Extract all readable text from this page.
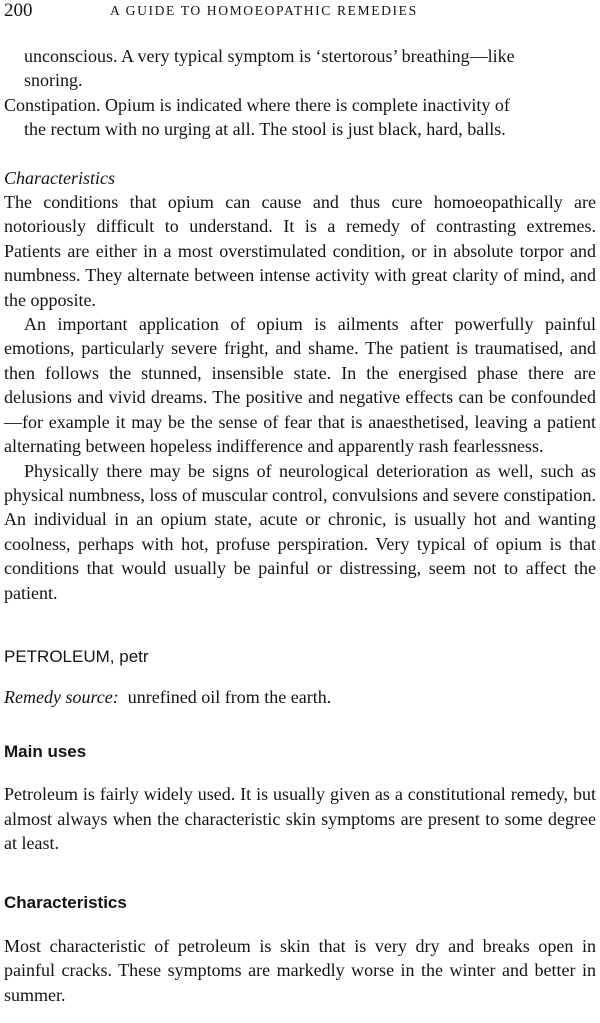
200	A GUIDE TO HOMOEOPATHIC REMEDIES

unconscious. A very typical symptom is ‘stertorous’ breathing—like

snoring.

Constipation. Opium is indicated where there is complete inactivity of

the rectum with no urging at all. The stool is just black, hard, balls.

Characteristics

The conditions that opium can cause and thus cure homoeopathically are notoriously difficult to understand. It is a remedy of contrasting extremes. Patients are either in a most overstimulated condition, or in absolute torpor and numbness. They alternate between intense activity with great clarity of mind, and the opposite.

An important application of opium is ailments after powerfully painful emotions, particularly severe fright, and shame. The patient is traumatised, and then follows the stunned, insensible state. In the energised phase there are delusions and vivid dreams. The positive and negative effects can be confounded—for example it may be the sense of fear that is anaesthetised, leaving a patient alternating between hopeless indifference and apparently rash fearlessness.

Physically there may be signs of neurological deterioration as well, such as physical numbness, loss of muscular control, convulsions and severe constipation. An individual in an opium state, acute or chronic, is usually hot and wanting coolness, perhaps with hot, profuse perspiration. Very typical of opium is that conditions that would usually be painful or distressing, seem not to affect the patient.

PETROLEUM, petr

Remedy source: unrefined oil from the earth.

Main uses

Petroleum is fairly widely used. It is usually given as a constitutional remedy, but almost always when the characteristic skin symptoms are present to some degree at least.

Characteristics

Most characteristic of petroleum is skin that is very dry and breaks open in painful cracks. These symptoms are markedly worse in the winter and better in summer.
